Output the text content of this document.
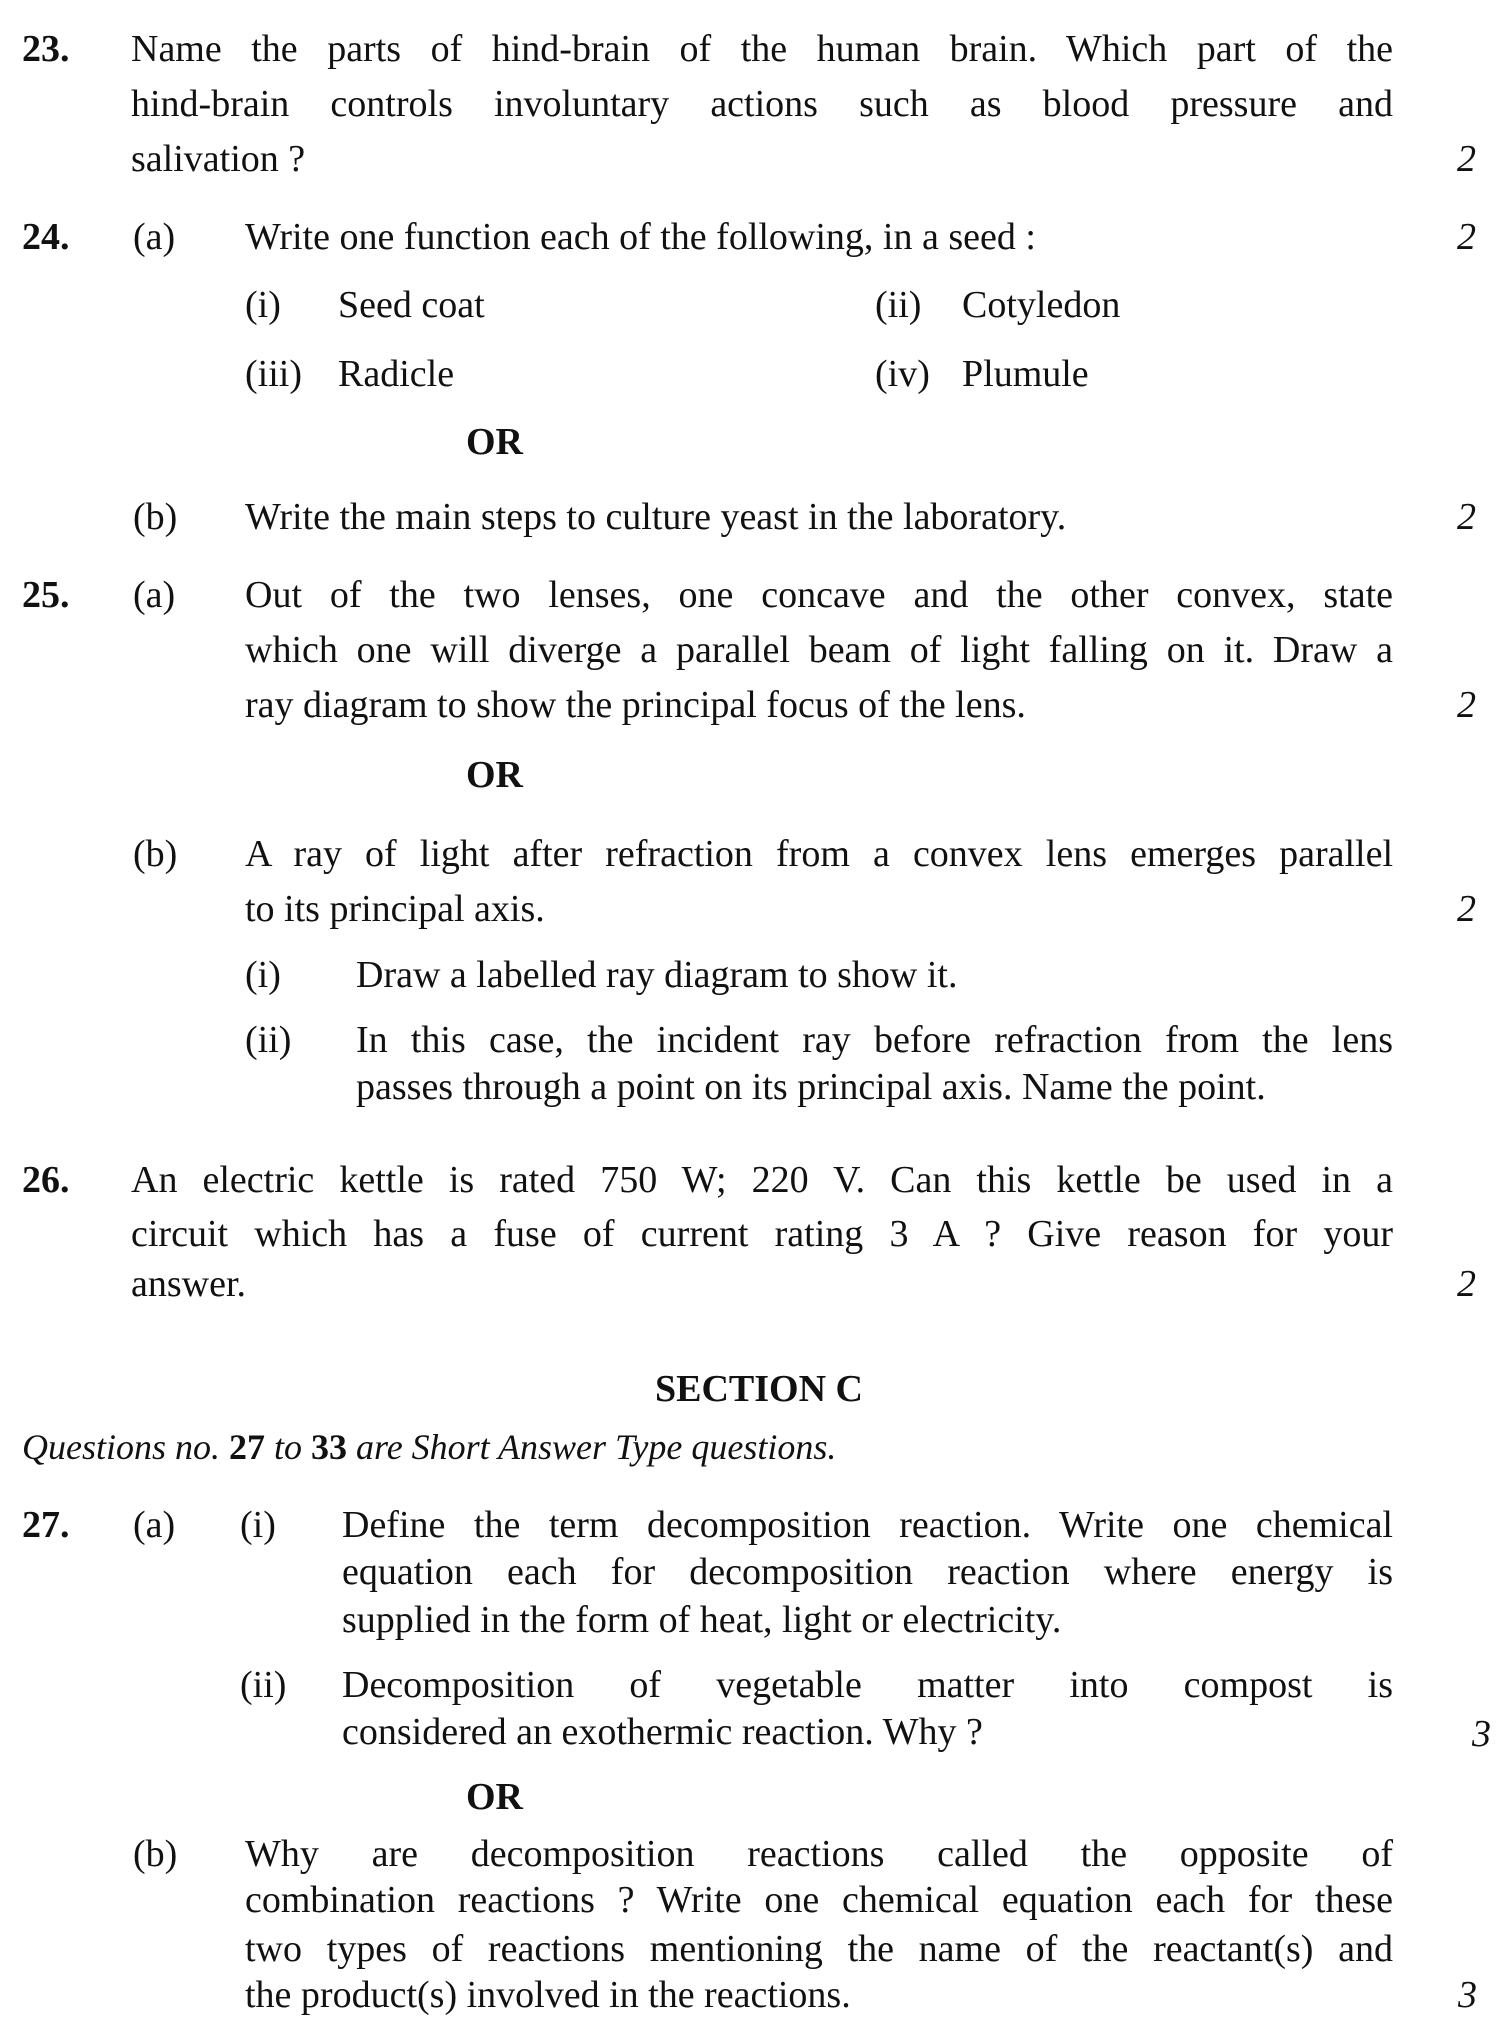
23. Name the parts of hind-brain of the human brain. Which part of the
hind-brain controls involuntary actions such as blood pressure and
salivation ?	2
24. (a) Write one function each of the following, in a seed :	2
(i) Seed coat	(ii) Cotyledon
(iii) Radicle	(iv) Plumule
OR
(b) Write the main steps to culture yeast in the laboratory.	2
25. (a) Out of the two lenses, one concave and the other convex, state
which one will diverge a parallel beam of light falling on it. Draw a
ray diagram to show the principal focus of the lens.	2
OR
(b) A ray of light after refraction from a convex lens emerges parallel
to its principal axis.	2
(i) Draw a labelled ray diagram to show it.
(ii) In this case, the incident ray before refraction from the lens
passes through a point on its principal axis. Name the point.
26. An electric kettle is rated 750 W; 220 V. Can this kettle be used in a
circuit which has a fuse of current rating 3 A ? Give reason for your
answer.	2
SECTION C
Questions no. 27 to 33 are Short Answer Type questions.
27. (a) (i) Define the term decomposition reaction. Write one chemical
equation each for decomposition reaction where energy is
supplied in the form of heat, light or electricity.
(ii) Decomposition of vegetable matter into compost is
considered an exothermic reaction. Why ?	3
OR
(b) Why are decomposition reactions called the opposite of
combination reactions ? Write one chemical equation each for these
two types of reactions mentioning the name of the reactant(s) and
the product(s) involved in the reactions.	3
